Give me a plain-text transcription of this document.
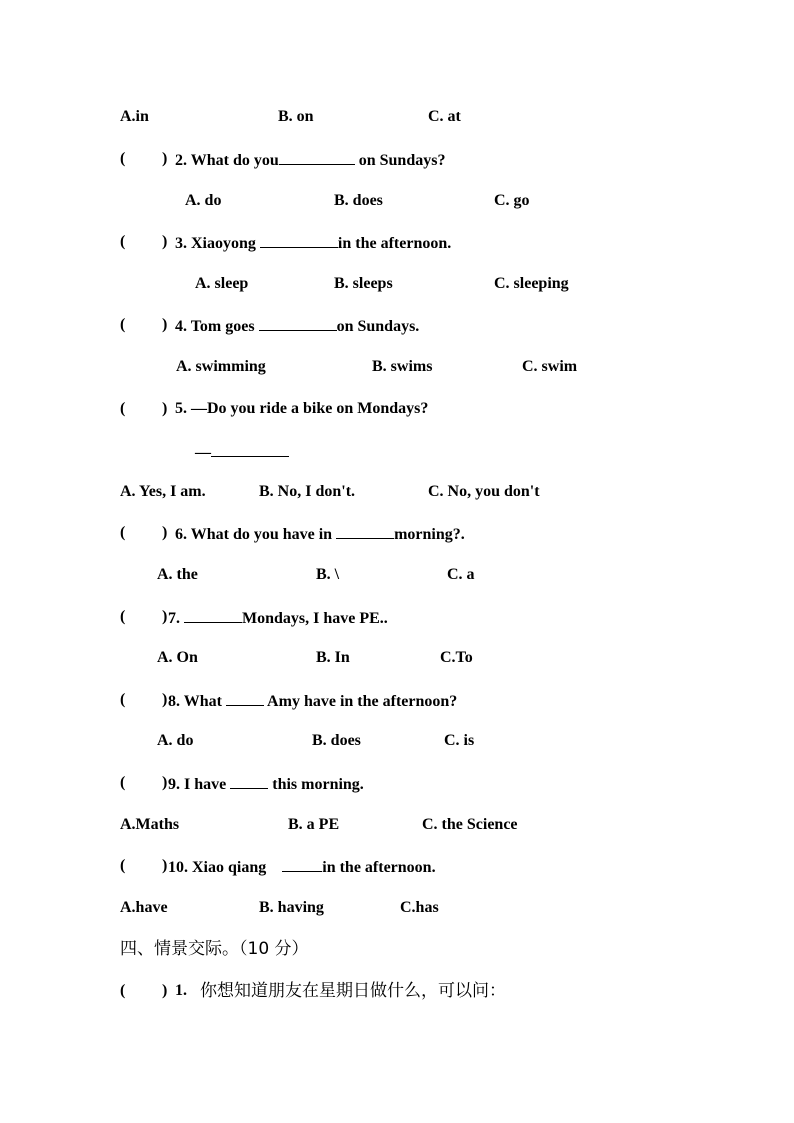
A.in	B. on	C. at
( ) 2. What do you	on Sundays?
A. do	B. does	C. go
( ) 3. Xiaoyong	in the afternoon.
A. sleep	B. sleeps	C. sleeping
( ) 4. Tom goes	on Sundays.
A. swimming	B. swims	C. swim
( ) 5. —Do you ride a bike on Mondays?
—
A. Yes, I am.	B. No, I don't.	C. No, you don't
( ) 6. What do you have in	morning?.
A. the	B. \	C. a
( ) 7.	Mondays, I have PE..
A. On	B. In	C.To
( ) 8. What  Amy have in the afternoon?
A. do	B. does	C. is
( ) 9. I have  this morning.
A.Maths	B. a PE	C. the Science
( ) 10. Xiao qiang	in the afternoon.
A.have	B. having	C.has
四、情景交际。（10 分）
( ) 1. 你想知道朋友在星期日做什么，可以问：
